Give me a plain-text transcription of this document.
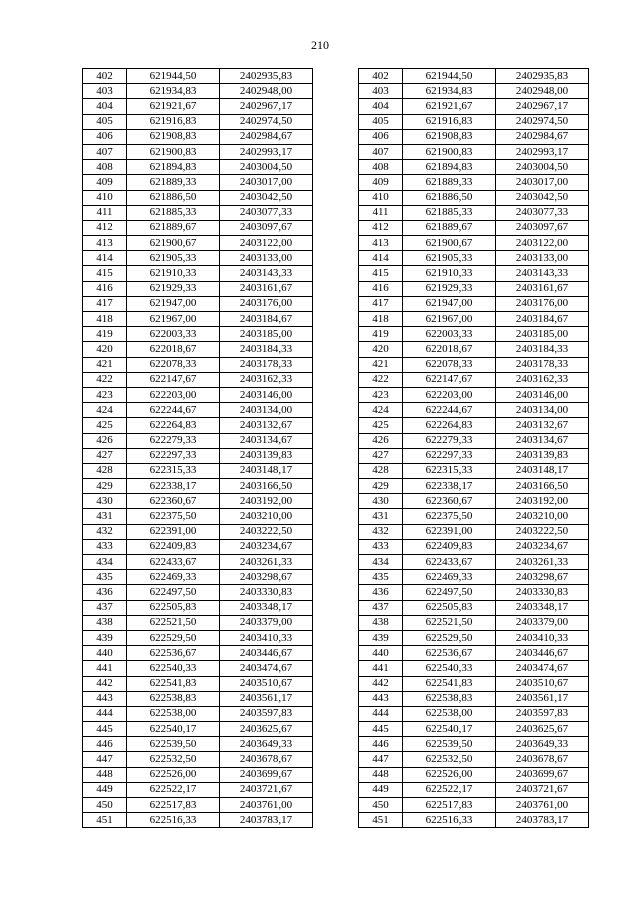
210
402	621944,50	2402935,83
403	621934,83	2402948,00
404	621921,67	2402967,17
405	621916,83	2402974,50
406	621908,83	2402984,67
407	621900,83	2402993,17
408	621894,83	2403004,50
409	621889,33	2403017,00
410	621886,50	2403042,50
411	621885,33	2403077,33
412	621889,67	2403097,67
413	621900,67	2403122,00
414	621905,33	2403133,00
415	621910,33	2403143,33
416	621929,33	2403161,67
417	621947,00	2403176,00
418	621967,00	2403184,67
419	622003,33	2403185,00
420	622018,67	2403184,33
421	622078,33	2403178,33
422	622147,67	2403162,33
423	622203,00	2403146,00
424	622244,67	2403134,00
425	622264,83	2403132,67
426	622279,33	2403134,67
427	622297,33	2403139,83
428	622315,33	2403148,17
429	622338,17	2403166,50
430	622360,67	2403192,00
431	622375,50	2403210,00
432	622391,00	2403222,50
433	622409,83	2403234,67
434	622433,67	2403261,33
435	622469,33	2403298,67
436	622497,50	2403330,83
437	622505,83	2403348,17
438	622521,50	2403379,00
439	622529,50	2403410,33
440	622536,67	2403446,67
441	622540,33	2403474,67
442	622541,83	2403510,67
443	622538,83	2403561,17
444	622538,00	2403597,83
445	622540,17	2403625,67
446	622539,50	2403649,33
447	622532,50	2403678,67
448	622526,00	2403699,67
449	622522,17	2403721,67
450	622517,83	2403761,00
451	622516,33	2403783,17
402	621944,50	2402935,83
403	621934,83	2402948,00
404	621921,67	2402967,17
405	621916,83	2402974,50
406	621908,83	2402984,67
407	621900,83	2402993,17
408	621894,83	2403004,50
409	621889,33	2403017,00
410	621886,50	2403042,50
411	621885,33	2403077,33
412	621889,67	2403097,67
413	621900,67	2403122,00
414	621905,33	2403133,00
415	621910,33	2403143,33
416	621929,33	2403161,67
417	621947,00	2403176,00
418	621967,00	2403184,67
419	622003,33	2403185,00
420	622018,67	2403184,33
421	622078,33	2403178,33
422	622147,67	2403162,33
423	622203,00	2403146,00
424	622244,67	2403134,00
425	622264,83	2403132,67
426	622279,33	2403134,67
427	622297,33	2403139,83
428	622315,33	2403148,17
429	622338,17	2403166,50
430	622360,67	2403192,00
431	622375,50	2403210,00
432	622391,00	2403222,50
433	622409,83	2403234,67
434	622433,67	2403261,33
435	622469,33	2403298,67
436	622497,50	2403330,83
437	622505,83	2403348,17
438	622521,50	2403379,00
439	622529,50	2403410,33
440	622536,67	2403446,67
441	622540,33	2403474,67
442	622541,83	2403510,67
443	622538,83	2403561,17
444	622538,00	2403597,83
445	622540,17	2403625,67
446	622539,50	2403649,33
447	622532,50	2403678,67
448	622526,00	2403699,67
449	622522,17	2403721,67
450	622517,83	2403761,00
451	622516,33	2403783,17
